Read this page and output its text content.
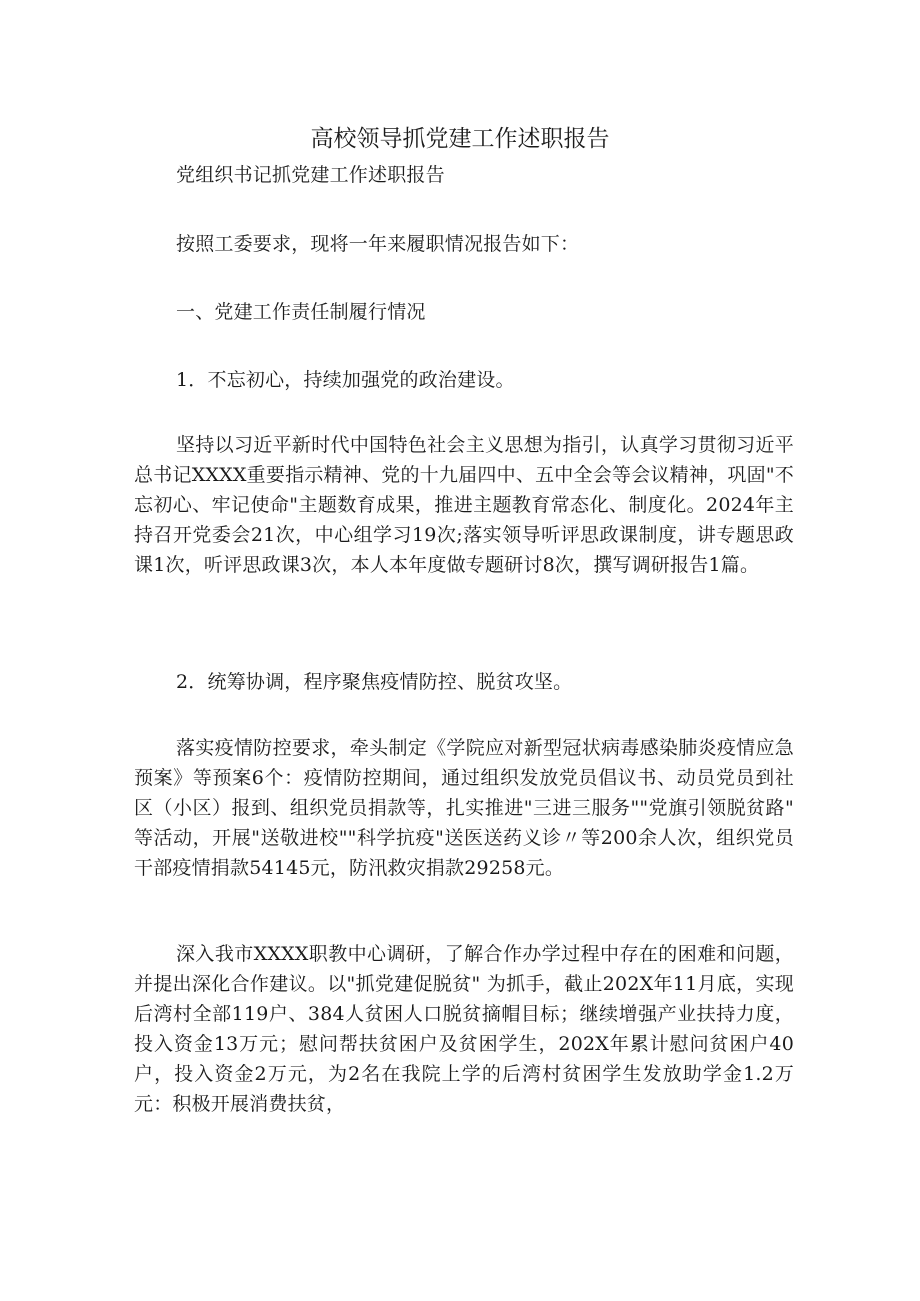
高校领导抓党建工作述职报告

党组织书记抓党建工作述职报告

按照工委要求，现将一年来履职情况报告如下：

一、党建工作责任制履行情况

1．不忘初心，持续加强党的政治建设。

坚持以习近平新时代中国特色社会主义思想为指引，认真学习贯彻习近平总书记XXXX重要指示精神、党的十九届四中、五中全会等会议精神，巩固"不忘初心、牢记使命"主题数育成果，推进主题教育常态化、制度化。2024年主持召开党委会21次，中心组学习19次;落实领导听评思政课制度，讲专题思政课1次，听评思政课3次，本人本年度做专题研讨8次，撰写调研报告1篇。

2．统筹协调，程序聚焦疫情防控、脱贫攻坚。

落实疫情防控要求，牵头制定《学院应对新型冠状病毒感染肺炎疫情应急预案》等预案6个：疫情防控期间，通过组织发放党员倡议书、动员党员到社区（小区）报到、组织党员捐款等，扎实推进"三进三服务""党旗引领脱贫路" 等活动，开展"送敬进校""科学抗疫"送医送药义诊〃等200余人次，组织党员干部疫情捐款54145元，防汛救灾捐款29258元。

深入我市XXXX职教中心调研，了解合作办学过程中存在的困难和问题，并提出深化合作建议。以"抓党建促脱贫" 为抓手，截止202X年11月底，实现后湾村全部119户、384人贫困人口脱贫摘帽目标；继续增强产业扶持力度，投入资金13万元；慰问帮扶贫困户及贫困学生，202X年累计慰问贫困户40户，投入资金2万元，为2名在我院上学的后湾村贫困学生发放助学金1.2万元：积极开展消费扶贫，
